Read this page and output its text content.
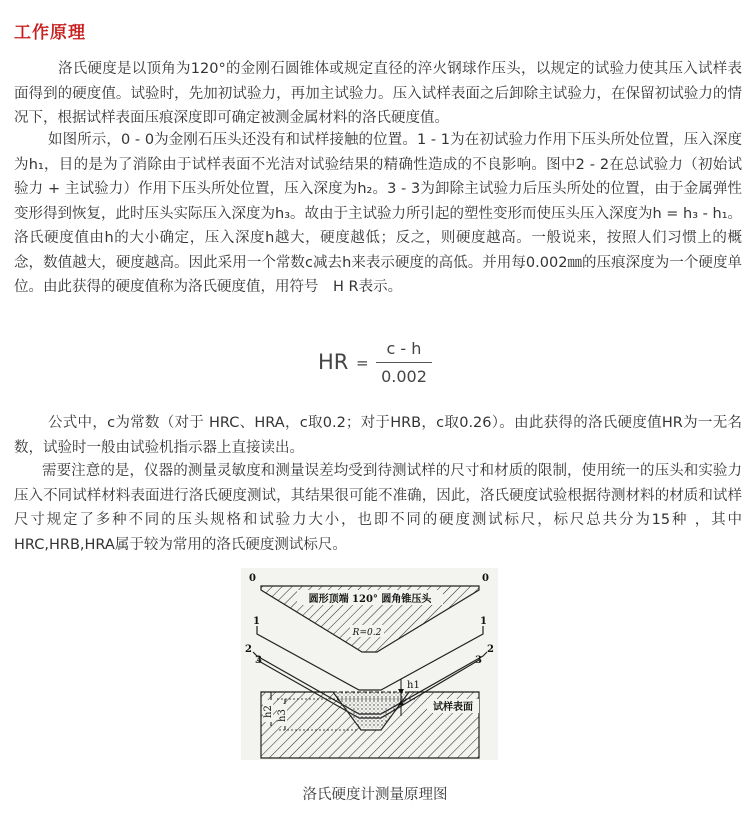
工作原理

洛氏硬度是以顶角为120°的金刚石圆锥体或规定直径的淬火钢球作压头，以规定的试验力使其压入试样表面得到的硬度值。试验时，先加初试验力，再加主试验力。压入试样表面之后卸除主试验力，在保留初试验力的情况下，根据试样表面压痕深度即可确定被测金属材料的洛氏硬度值。

如图所示，0 - 0为金刚石压头还没有和试样接触的位置。1 - 1为在初试验力作用下压头所处位置，压入深度为h₁，目的是为了消除由于试样表面不光洁对试验结果的精确性造成的不良影响。图中2 - 2在总试验力（初始试验力 + 主试验力）作用下压头所处位置，压入深度为h₂。3 - 3为卸除主试验力后压头所处的位置，由于金属弹性变形得到恢复，此时压头实际压入深度为h₃。故由于主试验力所引起的塑性变形而使压头压入深度为h = h₃ - h₁。洛氏硬度值由h的大小确定，压入深度h越大，硬度越低；反之，则硬度越高。一般说来，按照人们习惯上的概念，数值越大，硬度越高。因此采用一个常数c减去h来表示硬度的高低。并用每0.002㎜的压痕深度为一个硬度单位。由此获得的硬度值称为洛氏硬度值，用符号　H R表示。

HR =
c - h
0.002

公式中，c为常数（对于 HRC、HRA，c取0.2；对于HRB，c取0.26）。由此获得的洛氏硬度值HR为一无名数，试验时一般由试验机指示器上直接读出。

需要注意的是，仪器的测量灵敏度和测量误差均受到待测试样的尺寸和材质的限制，使用统一的压头和实验力压入不同试样材料表面进行洛氏硬度测试，其结果很可能不准确，因此，洛氏硬度试验根据待测材料的材质和试样尺寸规定了多种不同的压头规格和试验力大小，也即不同的硬度测试标尺，标尺总共分为15种 ，其中HRC,HRB,HRA属于较为常用的洛氏硬度测试标尺。

圆形顶端 120° 圆角锥压头
R=0.2
h1
h2 h3
试样表面
0	0
1	1
2	2
3	3
洛氏硬度计测量原理图
